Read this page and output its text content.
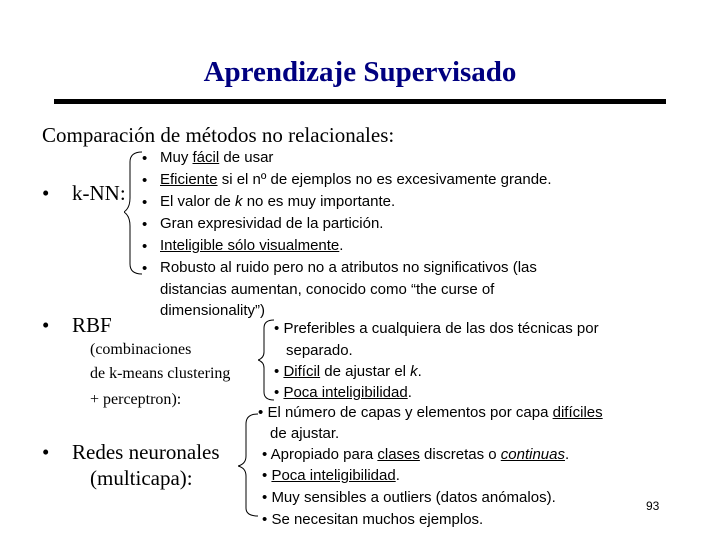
Aprendizaje Supervisado
Comparación de métodos no relacionales:
• k-NN:
• Muy fácil de usar
• Eficiente si el nº de ejemplos no es excesivamente grande.
• El valor de k no es muy importante.
• Gran expresividad de la partición.
• Inteligible sólo visualmente.
• Robusto al ruido pero no a atributos no significativos (las
distancias aumentan, conocido como “the curse of
dimensionality”)
• RBF
(combinaciones
de k-means clustering
+ perceptron):
• Preferibles a cualquiera de las dos técnicas por
separado.
• Difícil de ajustar el k.
• Poca inteligibilidad.
• Redes neuronales
(multicapa):
• El número de capas y elementos por capa difíciles
de ajustar.
• Apropiado para clases discretas o continuas.
• Poca inteligibilidad.
• Muy sensibles a outliers (datos anómalos).
• Se necesitan muchos ejemplos.
93
